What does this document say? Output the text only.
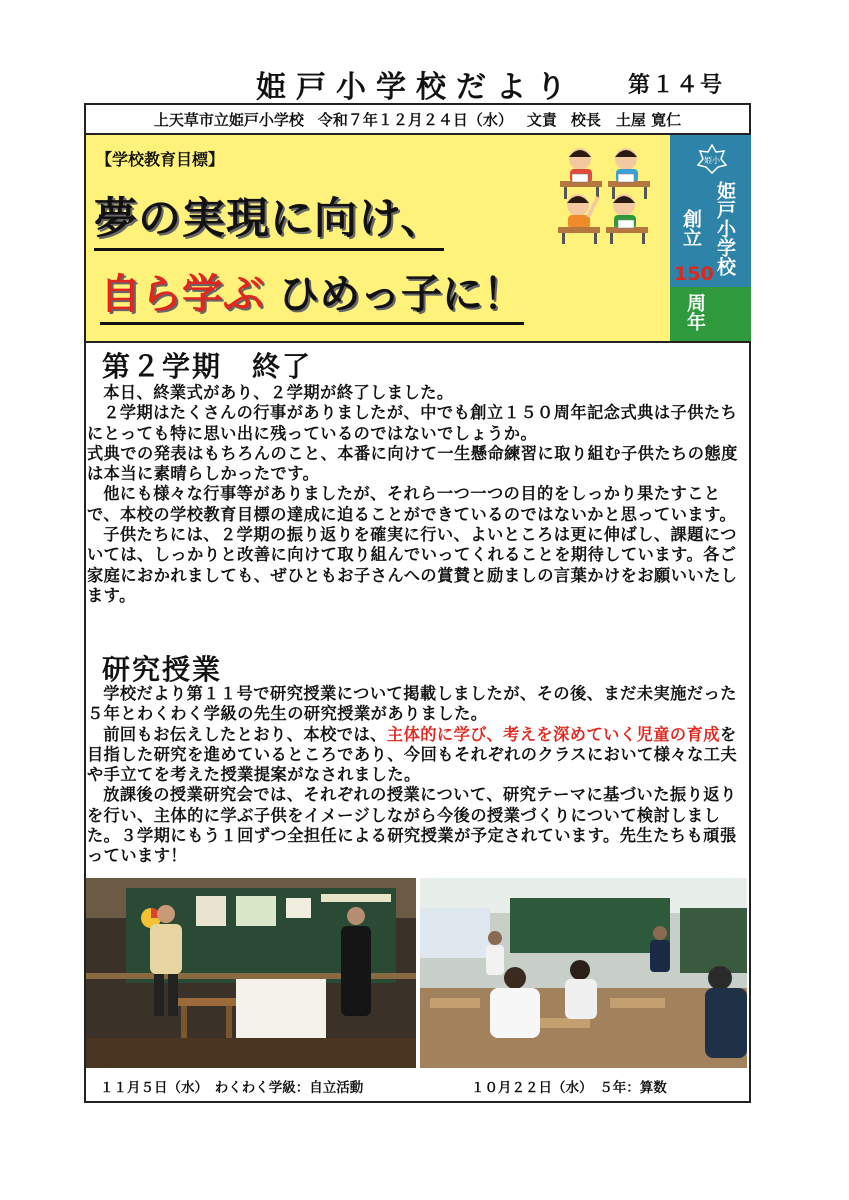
姫戸小学校だより 第１４号
上天草市立姫戸小学校 令和７年１２月２４日（水） 文責 校長　土屋 寛仁
【学校教育目標】
夢の実現に向け、
自ら学ぶ ひめっ子に！
姫小
姫戸小学校
創立
150
周年
第２学期　終了

本日、終業式があり、２学期が終了しました。

２学期はたくさんの行事がありましたが、中でも創立１５０周年記念式典は子供たちにとっても特に思い出に残っているのではないでしょうか。

式典での発表はもちろんのこと、本番に向けて一生懸命練習に取り組む子供たちの態度は本当に素晴らしかったです。

他にも様々な行事等がありましたが、それら一つ一つの目的をしっかり果たすことで、本校の学校教育目標の達成に迫ることができているのではないかと思っています。

子供たちには、２学期の振り返りを確実に行い、よいところは更に伸ばし、課題については、しっかりと改善に向けて取り組んでいってくれることを期待しています。各ご家庭におかれましても、ぜひともお子さんへの賞賛と励ましの言葉かけをお願いいたします。

研究授業

学校だより第１１号で研究授業について掲載しましたが、その後、まだ未実施だった５年とわくわく学級の先生の研究授業がありました。

前回もお伝えしたとおり、本校では、主体的に学び、考えを深めていく児童の育成を目指した研究を進めているところであり、今回もそれぞれのクラスにおいて様々な工夫や手立てを考えた授業提案がなされました。

放課後の授業研究会では、それぞれの授業について、研究テーマに基づいた振り返りを行い、主体的に学ぶ子供をイメージしながら今後の授業づくりについて検討しました。３学期にもう１回ずつ全担任による研究授業が予定されています。先生たちも頑張っています！

１１月５日（水）　わくわく学級：自立活動	１０月２２日（水）　５年：算数
